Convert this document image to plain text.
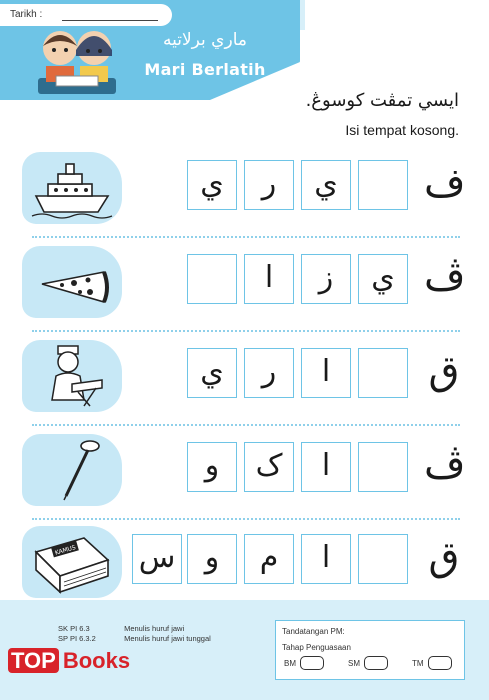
Tarikh :
ماري برلاتيه
Mari Berlatih
ايسي تمڤت كوسوڠ.
Isi tempat kosong.
ي	ر	ي	ف
ا	ز	ي ڤ
ي	ر	ا	ق
و	ک	ا	ڤ
KAMUS س و	م	ا	ق
SK PI 6.3	Menulis huruf jawi
SP PI 6.3.2	Menulis huruf jawi tunggal
TOP Books
Tandatangan PM:
Tahap Penguasaan
BM	SM	TM
